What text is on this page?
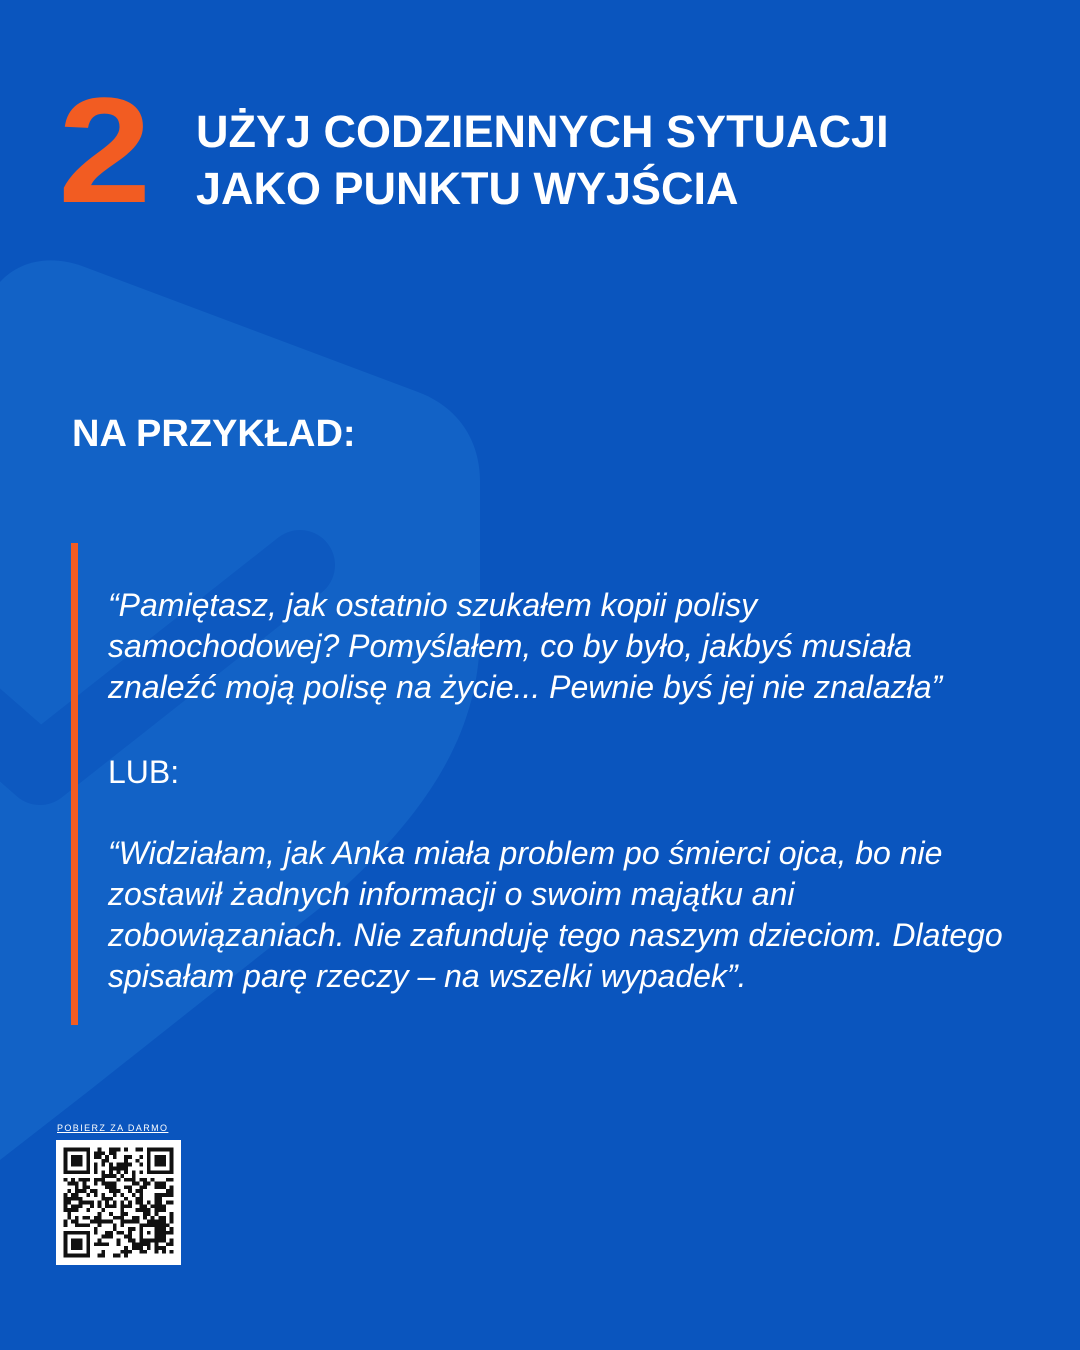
2 UŻYJ CODZIENNYCH SYTUACJI
JAKO PUNKTU WYJŚCIA
NA PRZYKŁAD:
“Pamiętasz, jak ostatnio szukałem kopii polisy
samochodowej? Pomyślałem, co by było, jakbyś musiała
znaleźć moją polisę na życie... Pewnie byś jej nie znalazła”
LUB:
“Widziałam, jak Anka miała problem po śmierci ojca, bo nie
zostawił żadnych informacji o swoim majątku ani
zobowiązaniach. Nie zafunduję tego naszym dzieciom. Dlatego
spisałam parę rzeczy – na wszelki wypadek”.
POBIERZ ZA DARMO
